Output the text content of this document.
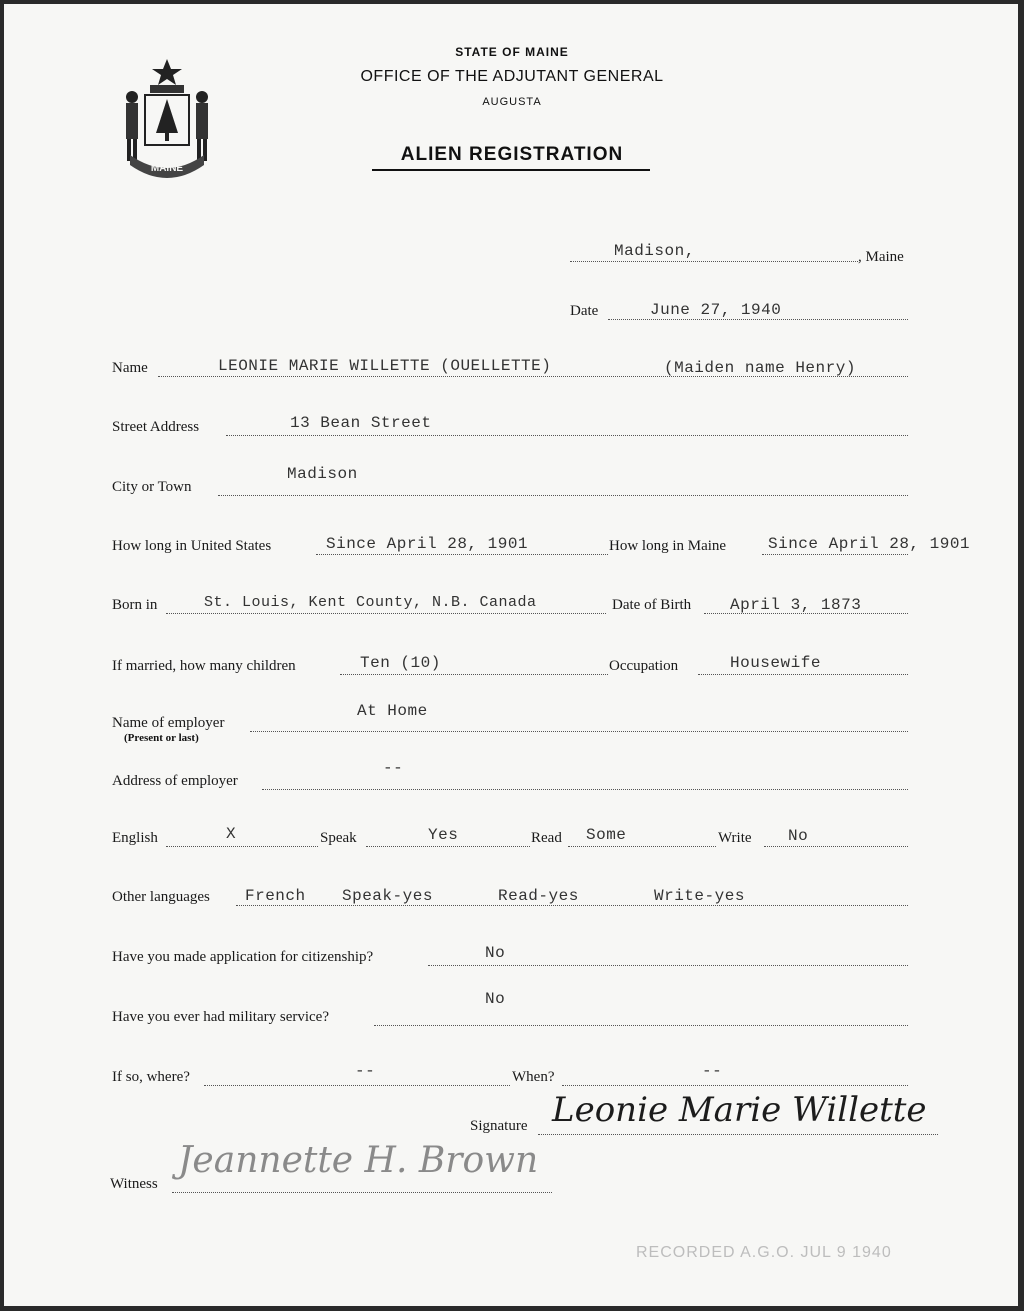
MAINE
STATE OF MAINE
OFFICE OF THE ADJUTANT GENERAL
AUGUSTA
ALIEN REGISTRATION
Madison,	, Maine
Date	June 27, 1940
Name	LEONIE MARIE WILLETTE (OUELLETTE)	(Maiden name Henry)
Street Address	13 Bean Street
City or Town
Madison
How long in United States	Since April 28, 1901	How long in Maine	Since April 28, 1901
Born in	St. Louis, Kent County, N.B. Canada	Date of Birth April 3, 1873
If married, how many children	Ten (10)	Occupation	Housewife
Name of employer
(Present or last)
At Home
Address of employer
--
English	X	Speak	Yes	Read Some	Write No
Other languages French Speak-yes	Read-yes	Write-yes
Have you made application for citizenship?	No
Have you ever had military service?
No
If so, where?	--	When?	--
Signature Leonie Marie Willette
Witness
Jeannette H. Brown
RECORDED A.G.O. JUL 9 1940
